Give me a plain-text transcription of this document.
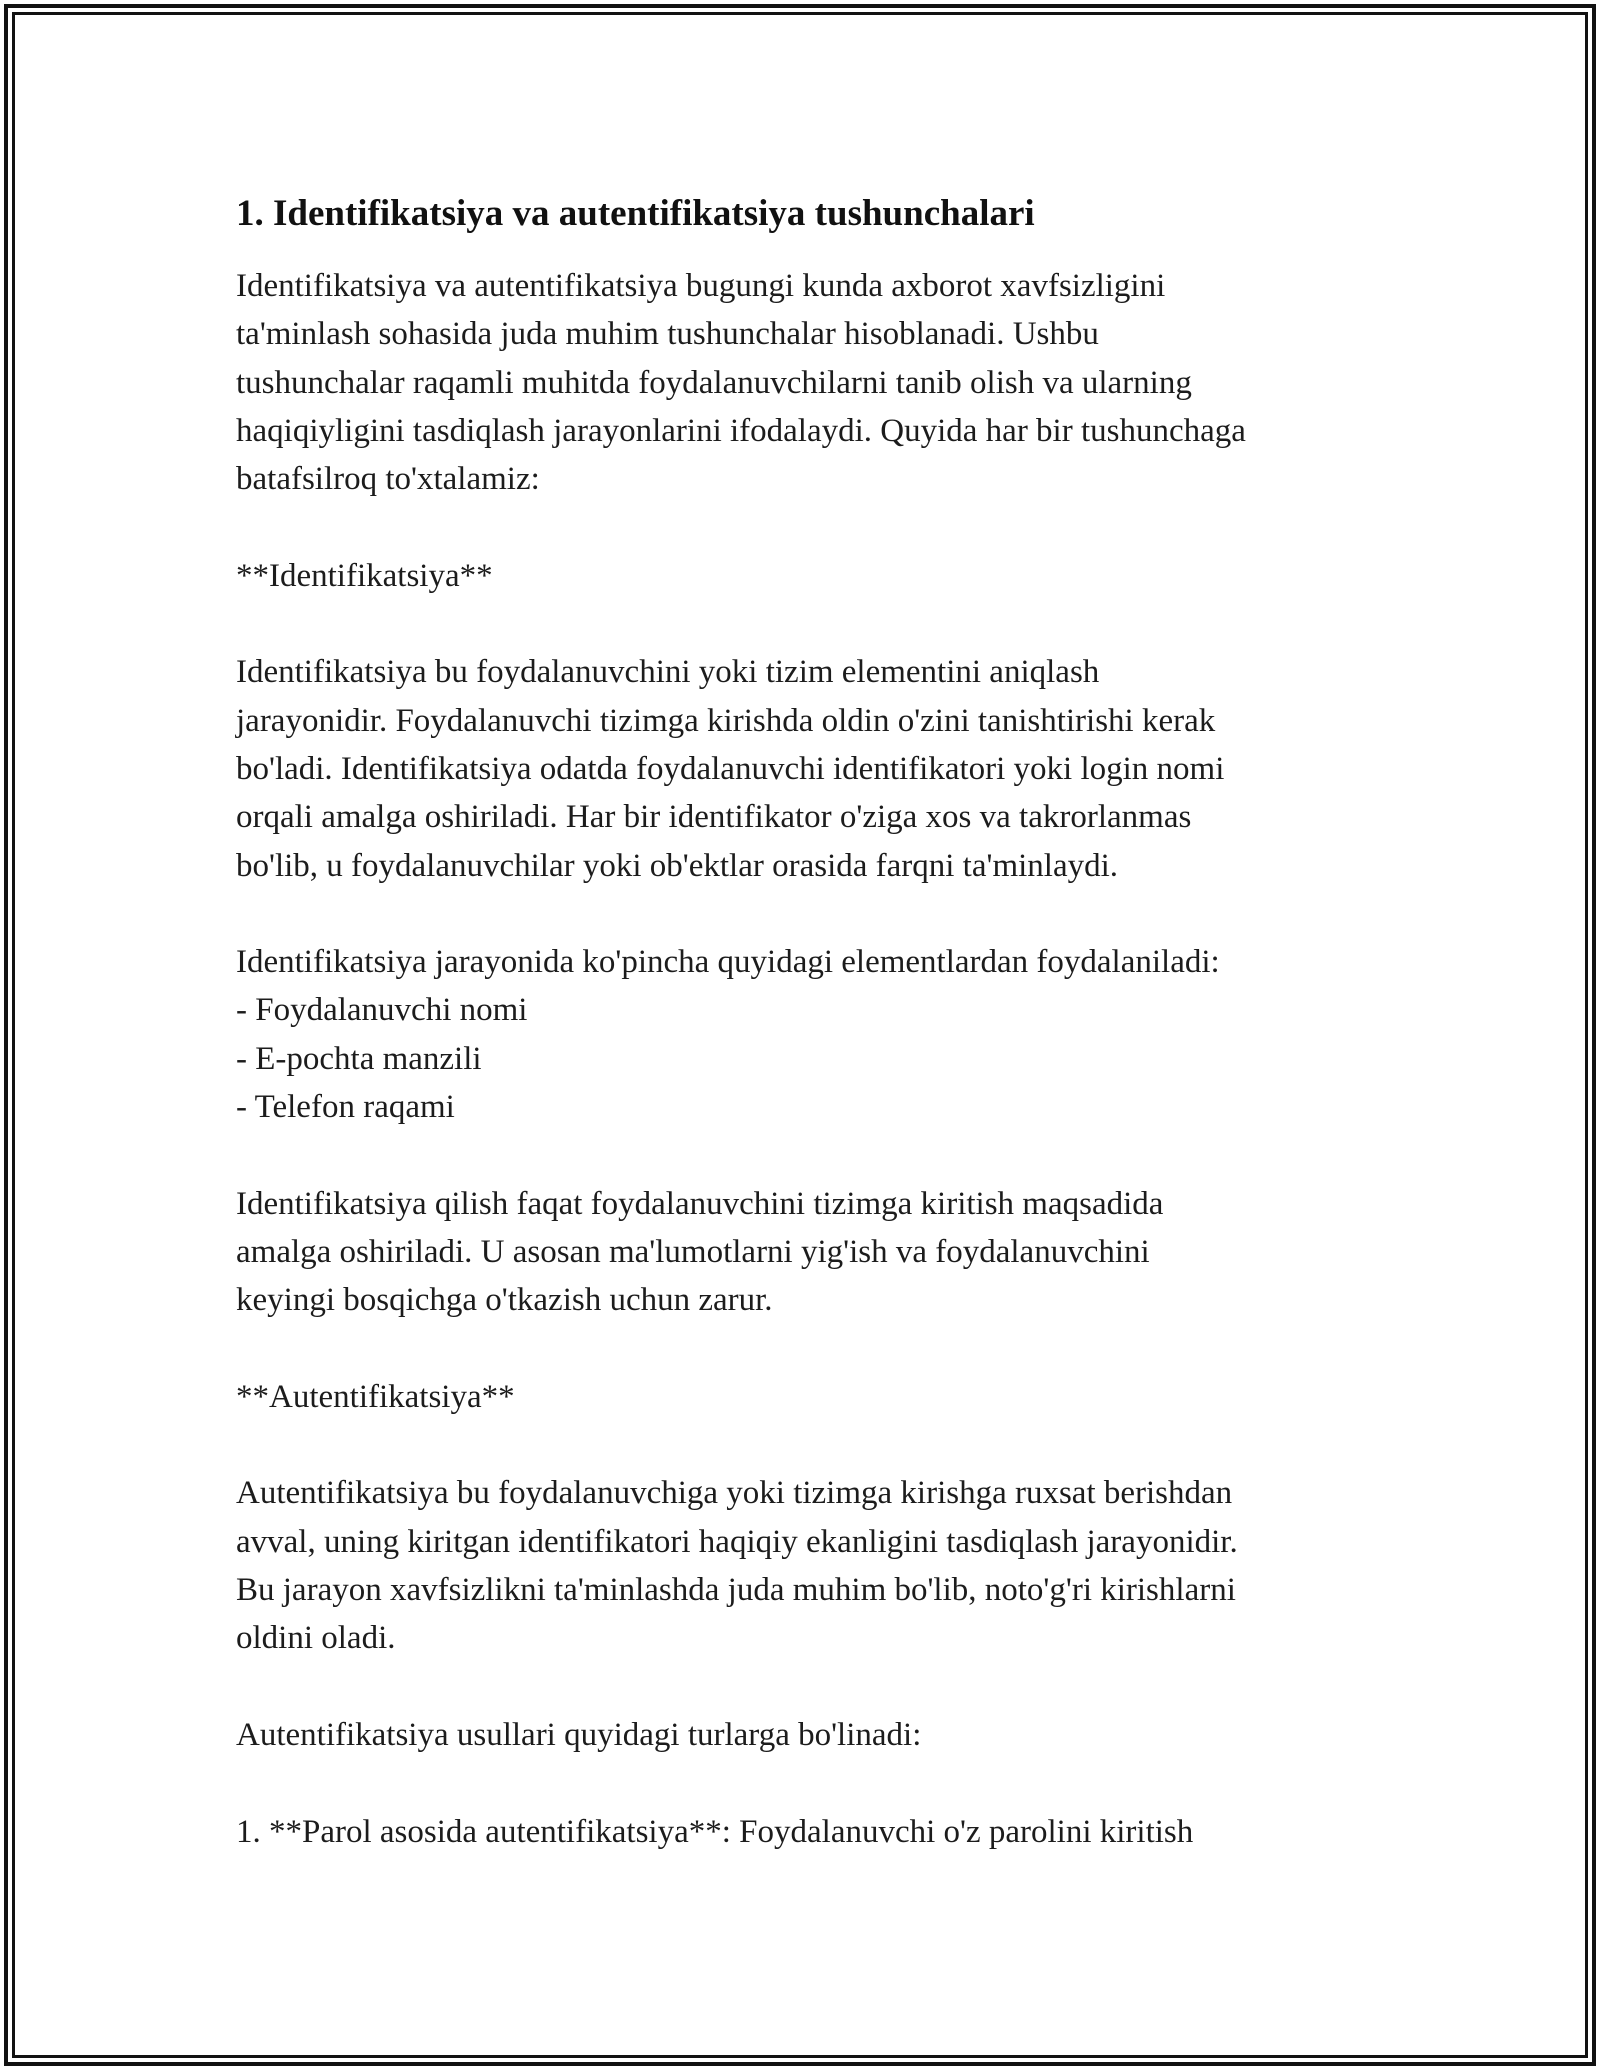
1. Identifikatsiya va autentifikatsiya tushunchalari

Identifikatsiya va autentifikatsiya bugungi kunda axborot xavfsizligini
ta'minlash sohasida juda muhim tushunchalar hisoblanadi. Ushbu
tushunchalar raqamli muhitda foydalanuvchilarni tanib olish va ularning
haqiqiyligini tasdiqlash jarayonlarini ifodalaydi. Quyida har bir tushunchaga
batafsilroq to'xtalamiz:

**Identifikatsiya**

Identifikatsiya bu foydalanuvchini yoki tizim elementini aniqlash
jarayonidir. Foydalanuvchi tizimga kirishda oldin o'zini tanishtirishi kerak
bo'ladi. Identifikatsiya odatda foydalanuvchi identifikatori yoki login nomi
orqali amalga oshiriladi. Har bir identifikator o'ziga xos va takrorlanmas
bo'lib, u foydalanuvchilar yoki ob'ektlar orasida farqni ta'minlaydi.

Identifikatsiya jarayonida ko'pincha quyidagi elementlardan foydalaniladi:

- Foydalanuvchi nomi

- E-pochta manzili

- Telefon raqami

Identifikatsiya qilish faqat foydalanuvchini tizimga kiritish maqsadida
amalga oshiriladi. U asosan ma'lumotlarni yig'ish va foydalanuvchini
keyingi bosqichga o'tkazish uchun zarur.

**Autentifikatsiya**

Autentifikatsiya bu foydalanuvchiga yoki tizimga kirishga ruxsat berishdan
avval, uning kiritgan identifikatori haqiqiy ekanligini tasdiqlash jarayonidir.
Bu jarayon xavfsizlikni ta'minlashda juda muhim bo'lib, noto'g'ri kirishlarni
oldini oladi.

Autentifikatsiya usullari quyidagi turlarga bo'linadi:

1. **Parol asosida autentifikatsiya**: Foydalanuvchi o'z parolini kiritish
